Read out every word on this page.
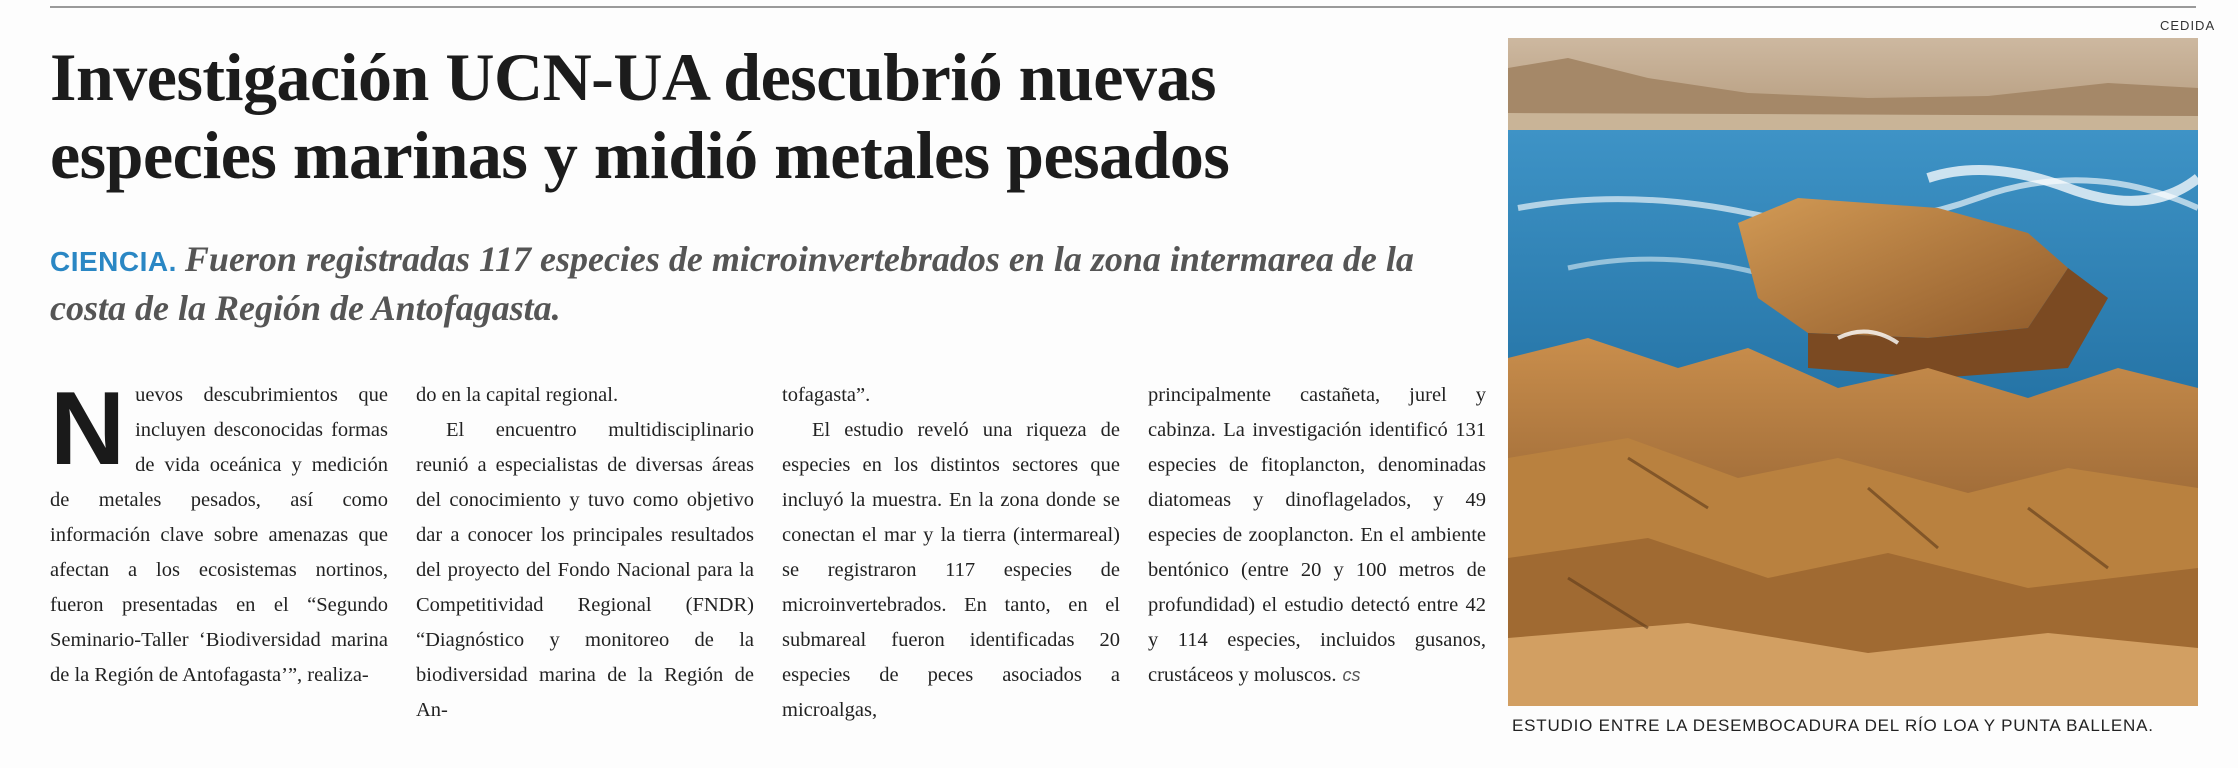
Investigación UCN-UA descubrió nuevas
especies marinas y midió metales pesados
CIENCIA. Fueron registradas 117 especies de microinvertebrados en la zona intermarea de la costa de la Región de Antofagasta.
N uevos descubrimientos que incluyen desconocidas formas de vida oceánica y medición de metales pesados, así como información clave sobre amenazas que afectan a los ecosistemas nortinos, fueron presentadas en el “Segundo Seminario-Taller ‘Biodiversidad marina de la Región de Antofagasta’”, realiza-

do en la capital regional.

El encuentro multidisciplinario reunió a especialistas de diversas áreas del conocimiento y tuvo como objetivo dar a conocer los principales resultados del proyecto del Fondo Nacional para la Competitividad Regional (FNDR) “Diagnóstico y monitoreo de la biodiversidad marina de la Región de An-

tofagasta”.

El estudio reveló una riqueza de especies en los distintos sectores que incluyó la muestra. En la zona donde se conectan el mar y la tierra (intermareal) se registraron 117 especies de microinvertebrados. En tanto, en el submareal fueron identificadas 20 especies de peces asociados a microalgas,

principalmente castañeta, jurel y cabinza. La investigación identificó 131 especies de fitoplancton, denominadas diatomeas y dinoflagelados, y 49 especies de zooplancton. En el ambiente bentónico (entre 20 y 100 metros de profundidad) el estudio detectó entre 42 y 114 especies, incluidos gusanos, crustáceos y moluscos. cs

CEDIDA
ESTUDIO ENTRE LA DESEMBOCADURA DEL RÍO LOA Y PUNTA BALLENA.
